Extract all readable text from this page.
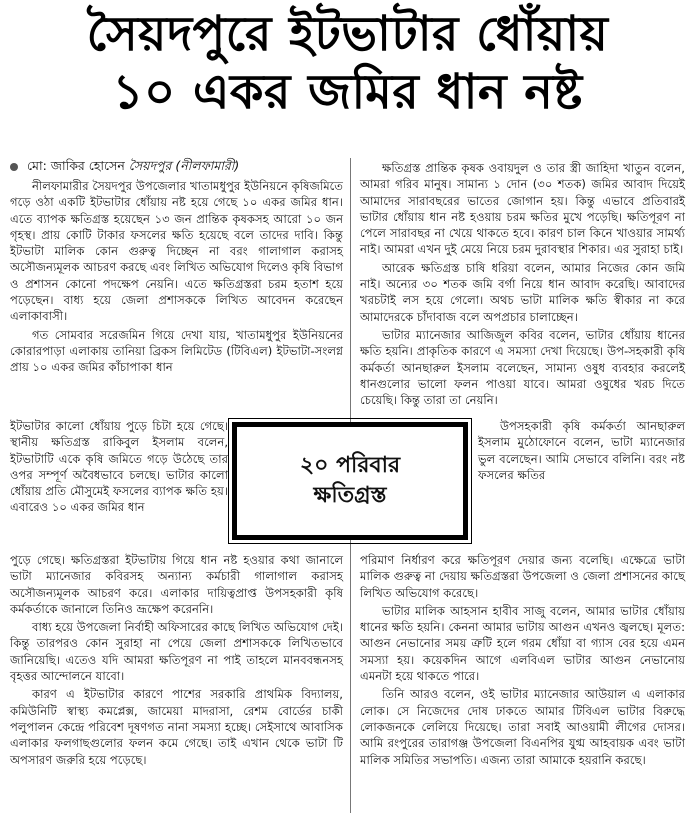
সৈয়দপুরে ইটভাটার ধোঁয়ায়
১০ একর জমির ধান নষ্ট
মো: জাকির হোসেন সৈয়দপুর (নীলফামারী)

নীলফামারীর সৈয়দপুর উপজেলার খাতামধুপুর ইউনিয়নে কৃষিজমিতে গড়ে ওঠা একটি ইটভাটার ধোঁয়ায় নষ্ট হয়ে গেছে ১০ একর জমির ধান। এতে ব্যাপক ক্ষতিগ্রস্ত হয়েছেন ১৩ জন প্রান্তিক কৃষকসহ আরো ১০ জন গৃহস্থ। প্রায় কোটি টাকার ফসলের ক্ষতি হয়েছে বলে তাদের দাবি। কিন্তু ইটভাটা মালিক কোন গুরুত্ব দিচ্ছেন না বরং গালাগাল করাসহ অসৌজন্যমূলক আচরণ করছে এবং লিখিত অভিযোগ দিলেও কৃষি বিভাগ ও প্রশাসন কোনো পদক্ষেপ নেয়নি। এতে ক্ষতিগ্রস্তরা চরম হতাশ হয়ে পড়েছেন। বাধ্য হয়ে জেলা প্রশাসককে লিখিত আবেদন করেছেন এলাকাবাসী।

গত সোমবার সরেজমিন গিয়ে দেখা যায়, খাতামধুপুর ইউনিয়নের কোরারপাড়া এলাকায় তানিয়া ব্রিকস লিমিটেড (টিবিএল) ইটভাটা-সংলগ্ন প্রায় ১০ একর জমির কাঁচাপাকা ধান

ইটভাটার কালো ধোঁয়ায় পুড়ে চিটা হয়ে গেছে। স্থানীয় ক্ষতিগ্রস্ত রাকিবুল ইসলাম বলেন, ইটভাটাটি একে কৃষি জমিতে গড়ে উঠেছে তার ওপর সম্পূর্ণ অবৈধভাবে চলছে। ভাটার কালো ধোঁয়ায় প্রতি মৌসুমেই ফসলের ব্যাপক ক্ষতি হয়। এবারেও ১০ একর জমির ধান

পুড়ে গেছে। ক্ষতিগ্রস্তরা ইটভাটায় গিয়ে ধান নষ্ট হওয়ার কথা জানালে ভাটা ম্যানেজার কবিরসহ অন্যান্য কর্মচারী গালাগাল করাসহ অসৌজন্যমূলক আচরণ করে। এলাকার দায়িত্বপ্রাপ্ত উপসহকারী কৃষি কর্মকর্তাকে জানালে তিনিও ভ্রূক্ষেপ করেননি।

বাধ্য হয়ে উপজেলা নির্বাহী অফিসারের কাছে লিখিত অভিযোগ দেই। কিন্তু তারপরও কোন সুরাহা না পেয়ে জেলা প্রশাসককে লিখিতভাবে জানিয়েছি। এতেও যদি আমরা ক্ষতিপূরণ না পাই তাহলে মানববন্ধনসহ বৃহত্তর আন্দোলনে যাবো।

কারণ এ ইটভাটার কারণে পাশের সরকারি প্রাথমিক বিদ্যালয়, কমিউনিটি স্বাস্থ্য কমপ্লেক্স, জামেয়া মাদরাসা, রেশম বোর্ডের চাকী পলুপালন কেন্দ্রে পরিবেশ দূষণগত নানা সমস্যা হচ্ছে। সেইসাথে আবাসিক এলাকার ফলগাছগুলোর ফলন কমে গেছে। তাই এখান থেকে ভাটা টি অপসারণ জরুরি হয়ে পড়েছে।

২০ পরিবার
ক্ষতিগ্রস্ত

ক্ষতিগ্রস্ত প্রান্তিক কৃষক ওবায়দুল ও তার স্ত্রী জাহিদা খাতুন বলেন, আমরা গরিব মানুষ। সামান্য ১ দোন (৩০ শতক) জমির আবাদ দিয়েই আমাদের সারাবছরের ভাতের জোগান হয়। কিন্তু এভাবে প্রতিবারই ভাটার ধোঁয়ায় ধান নষ্ট হওয়ায় চরম ক্ষতির মুখে পড়েছি। ক্ষতিপূরণ না পেলে সারাবছর না খেয়ে থাকতে হবে। কারণ চাল কিনে খাওয়ার সামর্থ্য নাই। আমরা এখন দুই মেয়ে নিয়ে চরম দুরাবস্থার শিকার। এর সুরাহা চাই।

আরেক ক্ষতিগ্রস্ত চাষি ধরিয়া বলেন, আমার নিজের কোন জমি নাই। অন্যের ৩০ শতক জমি বর্গা নিয়ে ধান আবাদ করেছি। আবাদের খরচটাই লস হয়ে গেলো। অথচ ভাটা মালিক ক্ষতি স্বীকার না করে আমাদেরকে চাঁদাবাজ বলে অপপ্রচার চালাচ্ছেন।

ভাটার ম্যানেজার আজিজুল কবির বলেন, ভাটার ধোঁয়ায় ধানের ক্ষতি হয়নি। প্রাকৃতিক কারণে এ সমস্যা দেখা দিয়েছে। উপ-সহকারী কৃষি কর্মকর্তা আনছারুল ইসলাম বলেছেন, সামান্য ওষুধ ব্যবহার করলেই ধানগুলোর ভালো ফলন পাওয়া যাবে। আমরা ওষুধের খরচ দিতে চেয়েছি। কিন্তু তারা তা নেয়নি।

উপসহকারী কৃষি কর্মকর্তা আনছারুল ইসলাম মুঠোফোনে বলেন, ভাটা ম্যানেজার ভুল বলেছেন। আমি সেভাবে বলিনি। বরং নষ্ট ফসলের ক্ষতির

পরিমাণ নির্ধারণ করে ক্ষতিপূরণ দেয়ার জন্য বলেছি। এক্ষেত্রে ভাটা মালিক গুরুত্ব না দেয়ায় ক্ষতিগ্রস্তরা উপজেলা ও জেলা প্রশাসনের কাছে লিখিত অভিযোগ করেছে।

ভাটার মালিক আহসান হাবীব সাজু বলেন, আমার ভাটার ধোঁয়ায় ধানের ক্ষতি হয়নি। কেননা আমার ভাটায় আগুন এখনও জ্বলছে। মূলত: আগুন নেভানোর সময় ত্রুটি হলে গরম ধোঁয়া বা গ্যাস বের হয়ে এমন সমস্যা হয়। কয়েকদিন আগে এলবিএল ভাটার আগুন নেভানোয় এমনটা হয়ে থাকতে পারে।

তিনি আরও বলেন, ওই ভাটার ম্যানেজার আউয়াল এ এলাকার লোক। সে নিজেদের দোষ ঢাকতে আমার টিবিএল ভাটার বিরুদ্ধে লোকজনকে লেলিয়ে দিয়েছে। তারা সবাই আওয়ামী লীগের দোসর। আমি রংপুরের তারাগঞ্জ উপজেলা বিএনপির যুগ্ম আহবায়ক এবং ভাটা মালিক সমিতির সভাপতি। এজন্য তারা আমাকে হয়রানি করছে।
